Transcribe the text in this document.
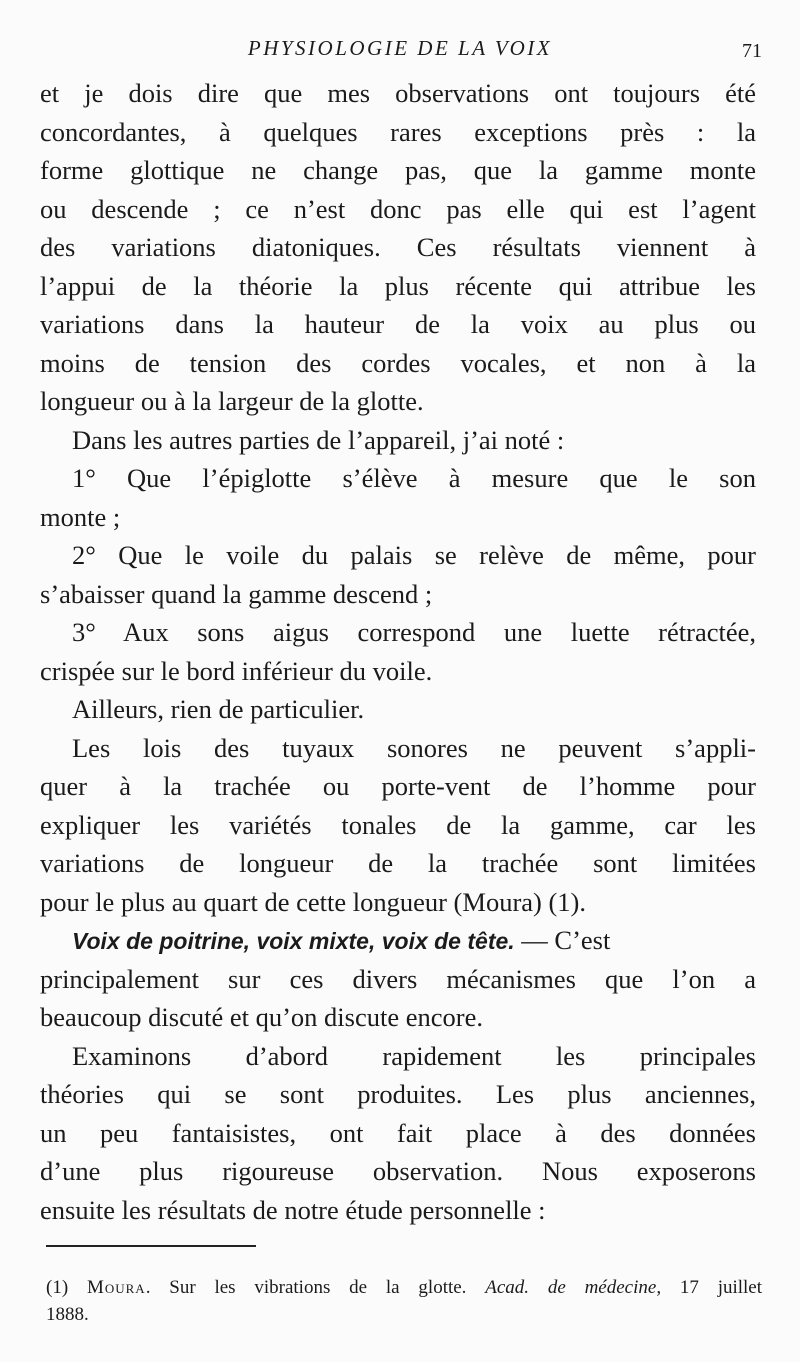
PHYSIOLOGIE DE LA VOIX	71
et je dois dire que mes observations ont toujours été
concordantes, à quelques rares exceptions près : la
forme glottique ne change pas, que la gamme monte
ou descende ; ce n’est donc pas elle qui est l’agent
des variations diatoniques. Ces résultats viennent à
l’appui de la théorie la plus récente qui attribue les
variations dans la hauteur de la voix au plus ou
moins de tension des cordes vocales, et non à la
longueur ou à la largeur de la glotte.
Dans les autres parties de l’appareil, j’ai noté :
1° Que l’épiglotte s’élève à mesure que le son
monte ;
2° Que le voile du palais se relève de même, pour
s’abaisser quand la gamme descend ;
3° Aux sons aigus correspond une luette rétractée,
crispée sur le bord inférieur du voile.
Ailleurs, rien de particulier.
Les lois des tuyaux sonores ne peuvent s’appli-
quer à la trachée ou porte-vent de l’homme pour
expliquer les variétés tonales de la gamme, car les
variations de longueur de la trachée sont limitées
pour le plus au quart de cette longueur (Moura) (1).
Voix de poitrine, voix mixte, voix de tête. — C’est
principalement sur ces divers mécanismes que l’on a
beaucoup discuté et qu’on discute encore.
Examinons d’abord rapidement les principales
théories qui se sont produites. Les plus anciennes,
un peu fantaisistes, ont fait place à des données
d’une plus rigoureuse observation. Nous exposerons
ensuite les résultats de notre étude personnelle :
(1) Moura. Sur les vibrations de la glotte. Acad. de médecine, 17 juillet
1888.
